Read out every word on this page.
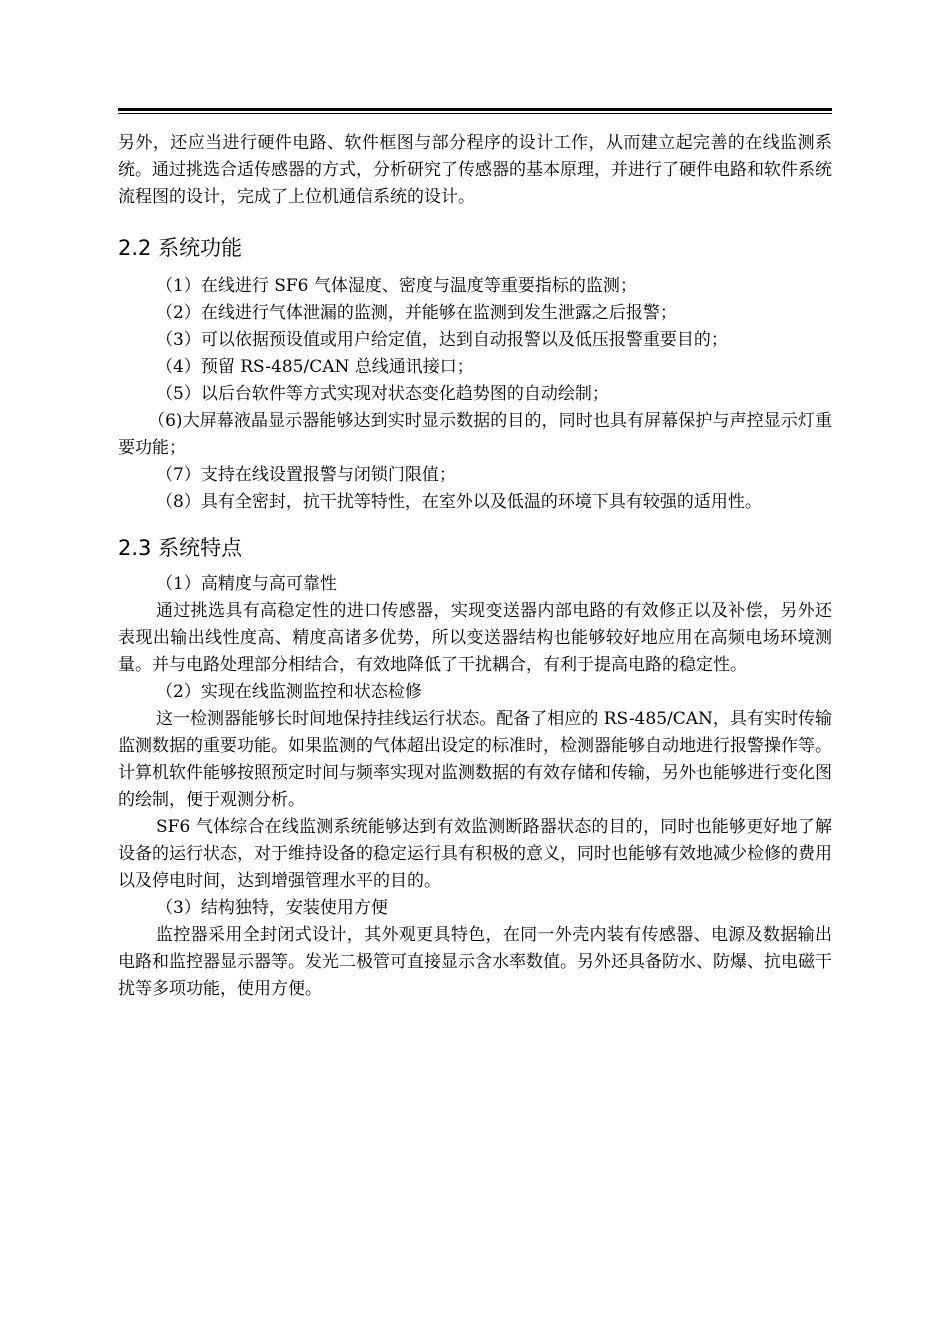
另外，还应当进行硬件电路、软件框图与部分程序的设计工作，从而建立起完善的在线监测系统。通过挑选合适传感器的方式，分析研究了传感器的基本原理，并进行了硬件电路和软件系统流程图的设计，完成了上位机通信系统的设计。

2.2 系统功能

（1）在线进行 SF6 气体湿度、密度与温度等重要指标的监测；

（2）在线进行气体泄漏的监测，并能够在监测到发生泄露之后报警；

（3）可以依据预设值或用户给定值，达到自动报警以及低压报警重要目的；

（4）预留 RS-485/CAN 总线通讯接口；

（5）以后台软件等方式实现对状态变化趋势图的自动绘制；

（6)大屏幕液晶显示器能够达到实时显示数据的目的，同时也具有屏幕保护与声控显示灯重要功能；

（7）支持在线设置报警与闭锁门限值；

（8）具有全密封，抗干扰等特性，在室外以及低温的环境下具有较强的适用性。

2.3 系统特点

（1）高精度与高可靠性

通过挑选具有高稳定性的进口传感器，实现变送器内部电路的有效修正以及补偿，另外还表现出输出线性度高、精度高诸多优势，所以变送器结构也能够较好地应用在高频电场环境测量。并与电路处理部分相结合，有效地降低了干扰耦合，有利于提高电路的稳定性。

（2）实现在线监测监控和状态检修

这一检测器能够长时间地保持挂线运行状态。配备了相应的 RS-485/CAN，具有实时传输监测数据的重要功能。如果监测的气体超出设定的标准时，检测器能够自动地进行报警操作等。计算机软件能够按照预定时间与频率实现对监测数据的有效存储和传输，另外也能够进行变化图的绘制，便于观测分析。

SF6 气体综合在线监测系统能够达到有效监测断路器状态的目的，同时也能够更好地了解设备的运行状态，对于维持设备的稳定运行具有积极的意义，同时也能够有效地减少检修的费用以及停电时间，达到增强管理水平的目的。

（3）结构独特，安装使用方便

监控器采用全封闭式设计，其外观更具特色，在同一外壳内装有传感器、电源及数据输出电路和监控器显示器等。发光二极管可直接显示含水率数值。另外还具备防水、防爆、抗电磁干扰等多项功能，使用方便。
